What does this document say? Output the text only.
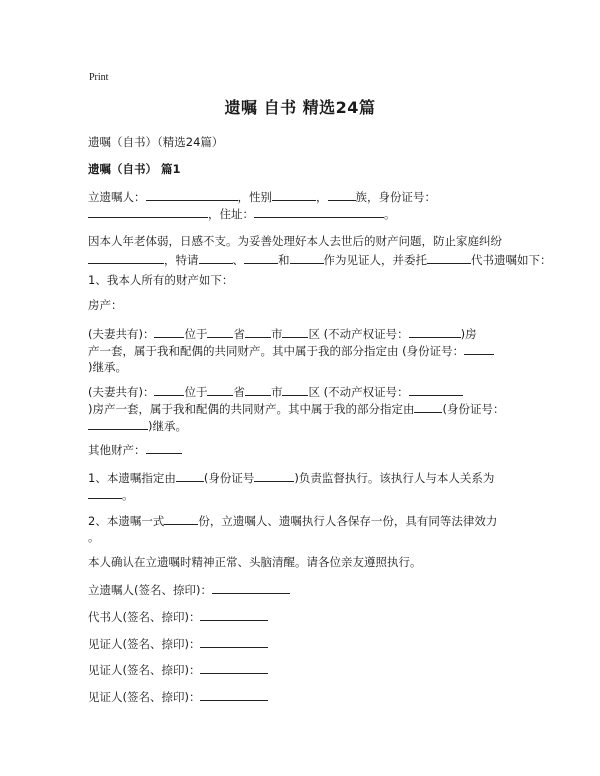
Print
遗嘱 自书 精选24篇
遗嘱（自书）（精选24篇）
遗嘱（自书） 篇1
立遗嘱人：	，性别	， 族，身份证号：
，住址：	。
因本人年老体弱，日感不支。为妥善处理好本人去世后的财产问题，防止家庭纠纷
，特请	、	和	作为见证人，并委托	代书遗嘱如下：
1、我本人所有的财产如下：
房产：
(夫妻共有)：	位于 省 市 区 (不动产权证号：	)房
产一套，属于我和配偶的共同财产。其中属于我的部分指定由 (身份证号：
)继承。
(夫妻共有)：	位于 省 市 区 (不动产权证号：
)房产一套，属于我和配偶的共同财产。其中属于我的部分指定由 (身份证号：
)继承。
其他财产：
1、本遗嘱指定由 (身份证号	)负责监督执行。该执行人与本人关系为
。
2、本遗嘱一式	份，立遗嘱人、遗嘱执行人各保存一份，具有同等法律效力
。
本人确认在立遗嘱时精神正常、头脑清醒。请各位亲友遵照执行。
立遗嘱人(签名、捺印)：
代书人(签名、捺印)：
见证人(签名、捺印)：
见证人(签名、捺印)：
见证人(签名、捺印)：
